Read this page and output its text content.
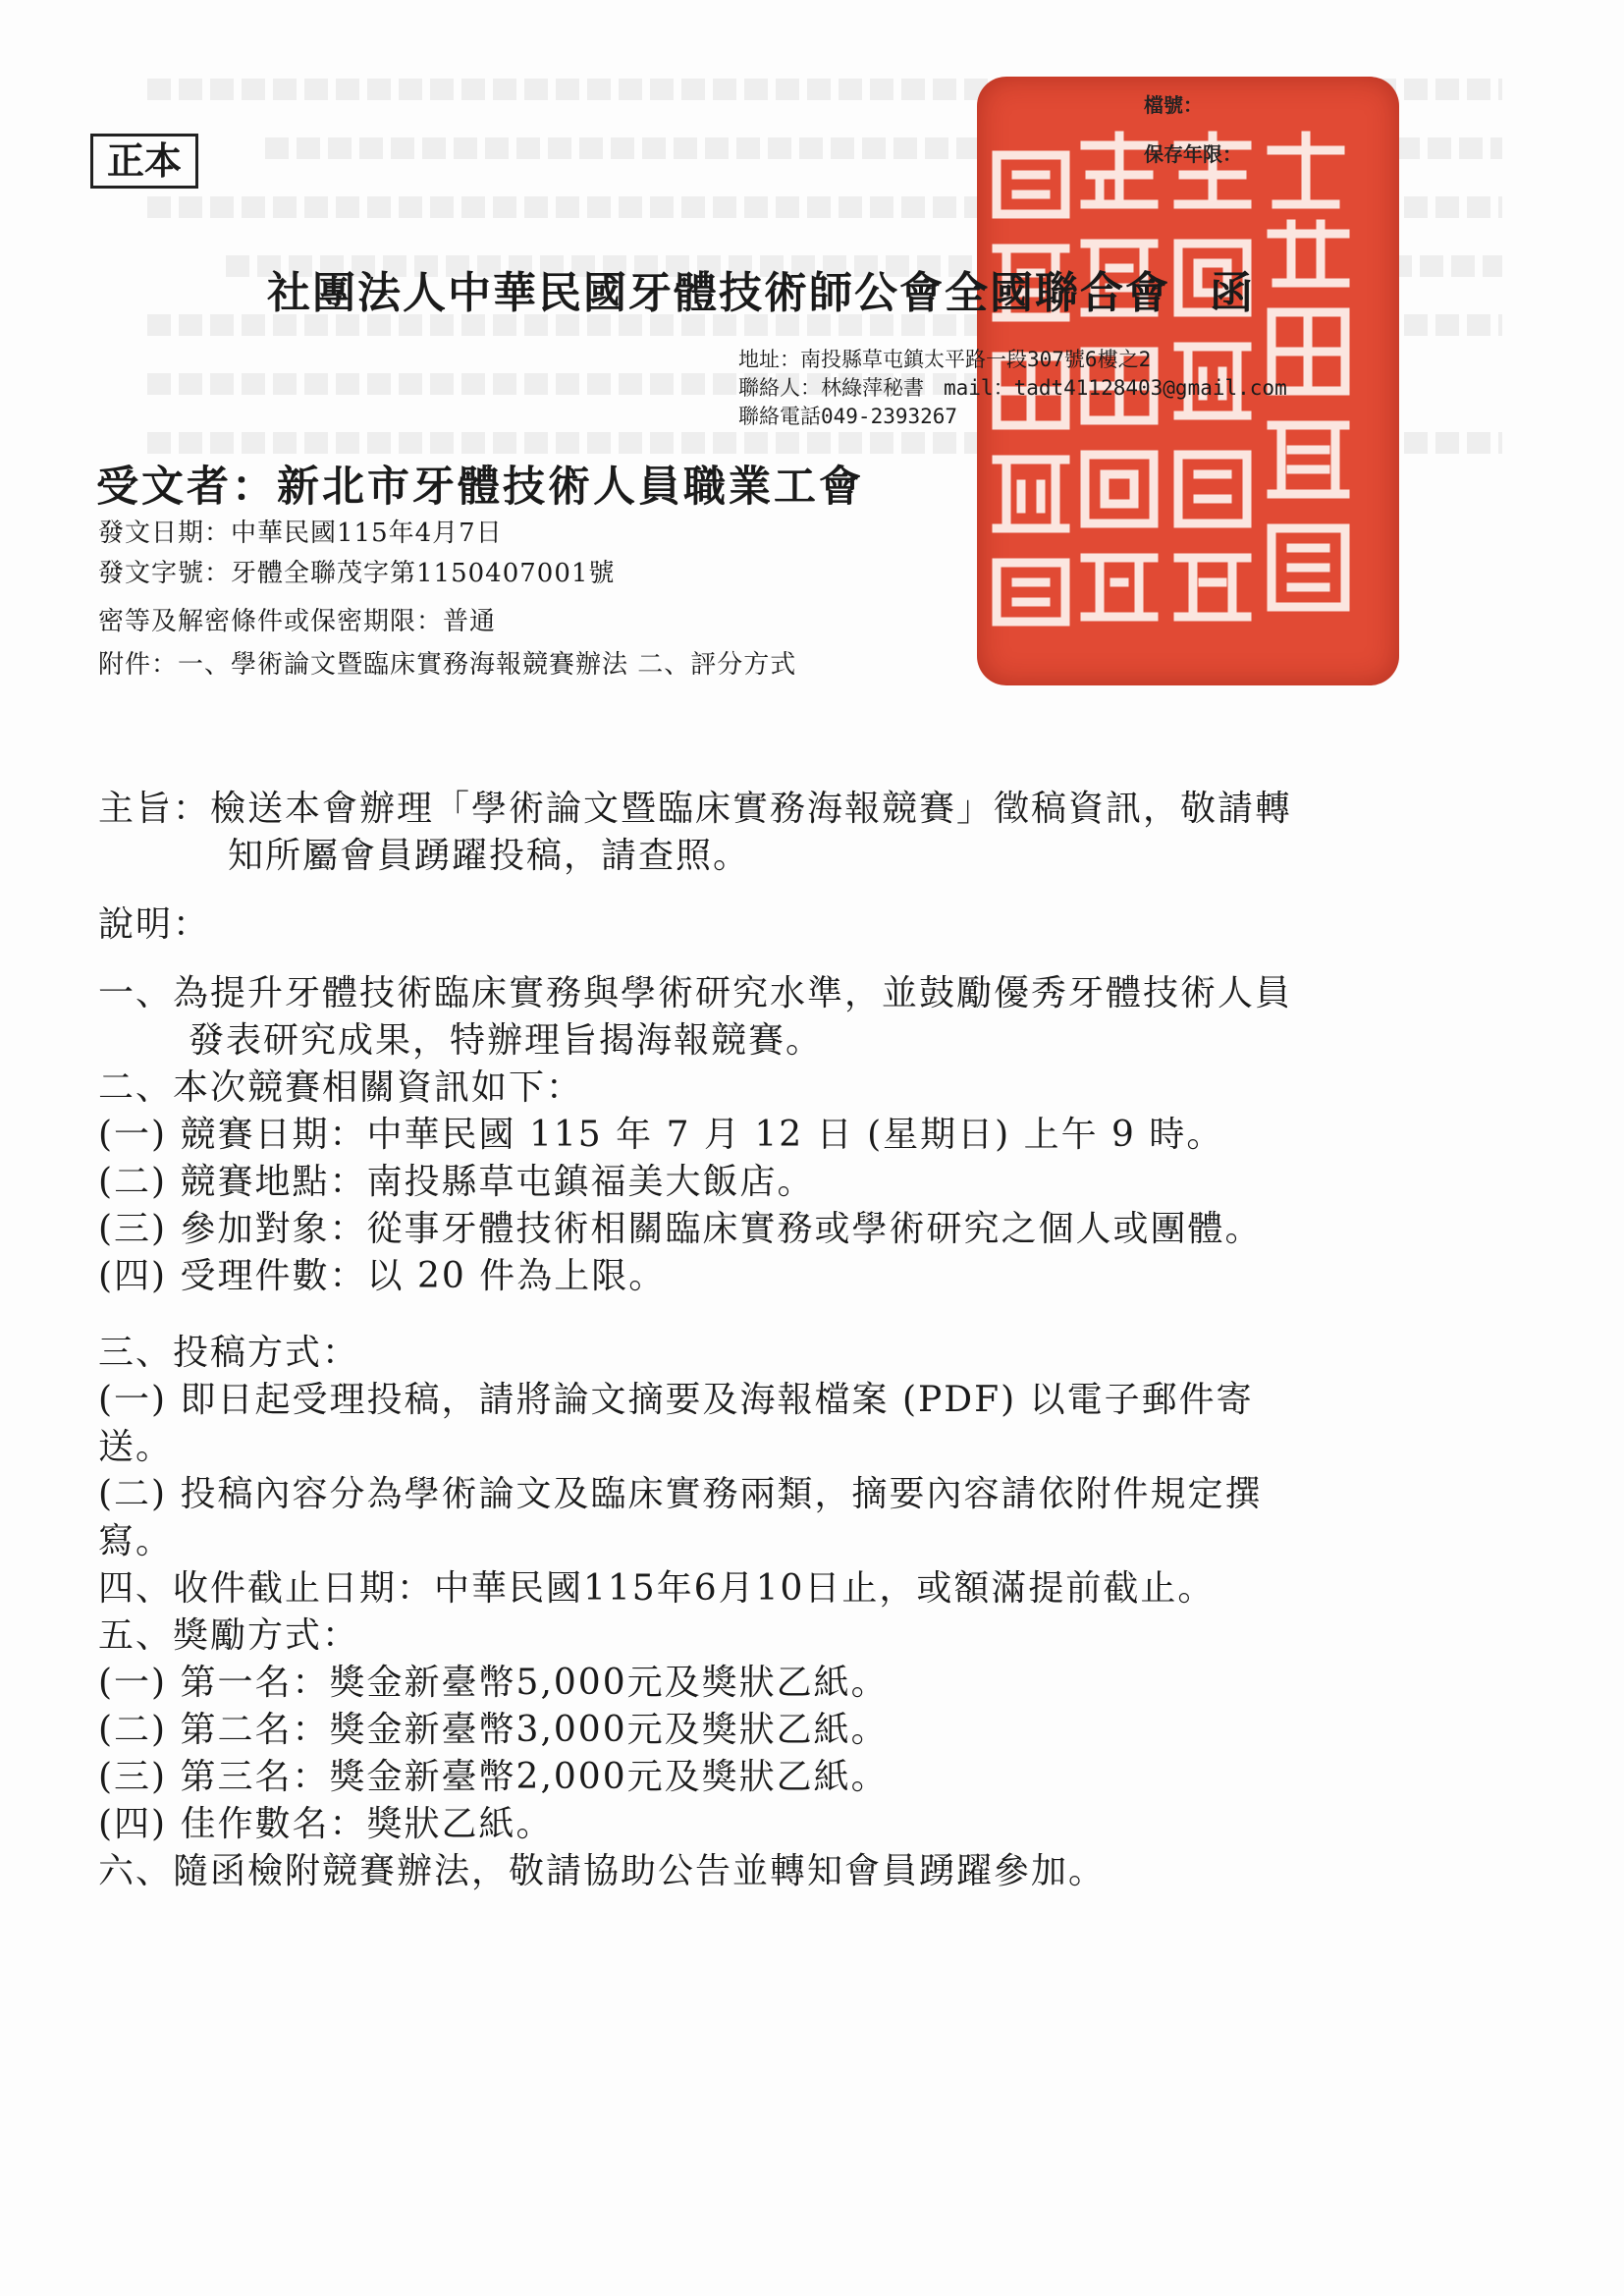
檔號：
保存年限：
正本
社團法人中華民國牙體技術師公會全國聯合會 函
地址：南投縣草屯鎮太平路一段307號6樓之2
聯絡人：林綠萍秘書 mail：tadt41128403@gmail.com
聯絡電話049-2393267
受文者：新北市牙體技術人員職業工會
發文日期：中華民國115年4月7日
發文字號：牙體全聯茂字第1150407001號
密等及解密條件或保密期限：普通
附件：一、學術論文暨臨床實務海報競賽辦法 二、評分方式

主旨：檢送本會辦理「學術論文暨臨床實務海報競賽」徵稿資訊，敬請轉

知所屬會員踴躍投稿，請查照。

說明：

一、為提升牙體技術臨床實務與學術研究水準，並鼓勵優秀牙體技術人員

發表研究成果，特辦理旨揭海報競賽。

二、本次競賽相關資訊如下：

(一) 競賽日期：中華民國 115 年 7 月 12 日 (星期日) 上午 9 時。

(二) 競賽地點：南投縣草屯鎮福美大飯店。

(三) 參加對象：從事牙體技術相關臨床實務或學術研究之個人或團體。

(四) 受理件數：以 20 件為上限。

三、投稿方式：

(一) 即日起受理投稿，請將論文摘要及海報檔案 (PDF) 以電子郵件寄

送。

(二) 投稿內容分為學術論文及臨床實務兩類，摘要內容請依附件規定撰

寫。

四、收件截止日期：中華民國115年6月10日止，或額滿提前截止。

五、獎勵方式：

(一) 第一名：獎金新臺幣5,000元及獎狀乙紙。

(二) 第二名：獎金新臺幣3,000元及獎狀乙紙。

(三) 第三名：獎金新臺幣2,000元及獎狀乙紙。

(四) 佳作數名：獎狀乙紙。

六、隨函檢附競賽辦法，敬請協助公告並轉知會員踴躍參加。
